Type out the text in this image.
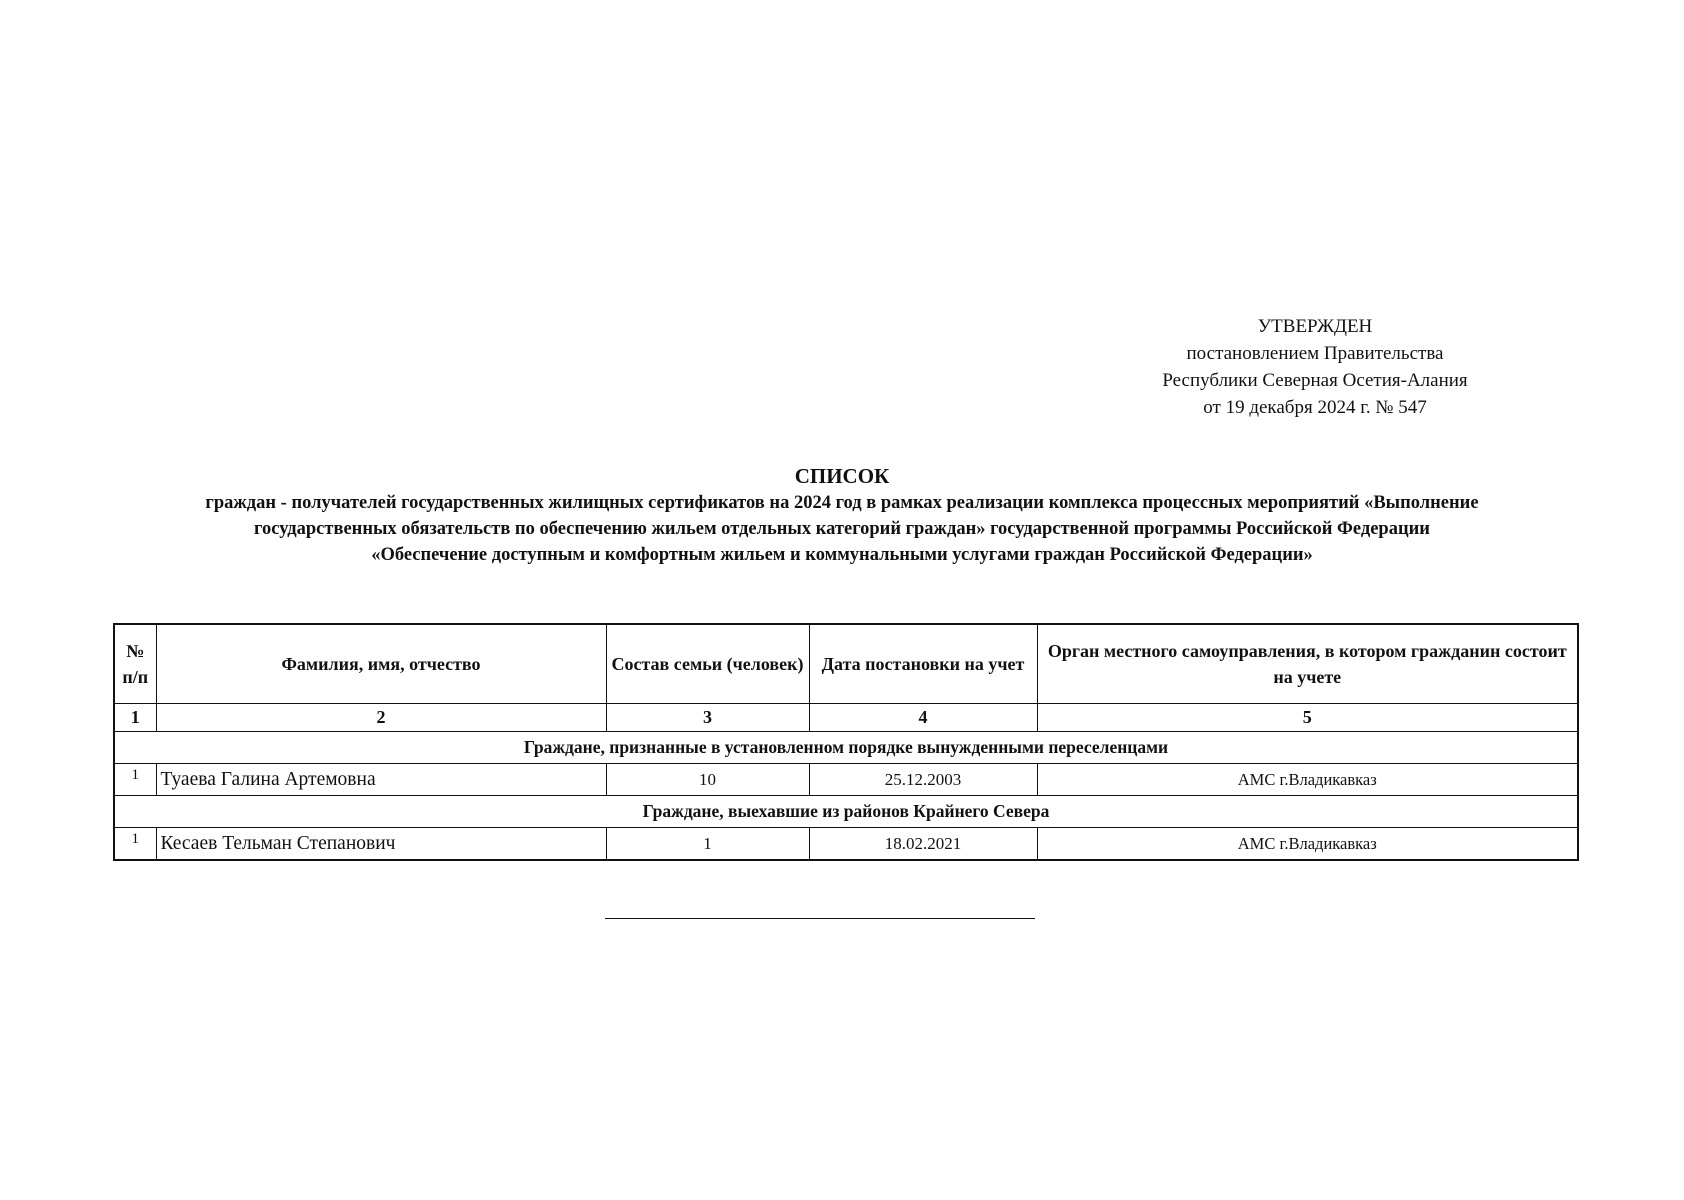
УТВЕРЖДЕН
постановлением Правительства
Республики Северная Осетия-Алания
от 19 декабря 2024 г. № 547
СПИСОК
граждан - получателей государственных жилищных сертификатов на 2024 год в рамках реализации комплекса процессных мероприятий «Выполнение
государственных обязательств по обеспечению жильем отдельных категорий граждан» государственной программы Российской Федерации
«Обеспечение доступным и комфортным жильем и коммунальными услугами граждан Российской Федерации»
№
п/п	Фамилия, имя, отчество	Состав семьи (человек)	Дата постановки на учет	Орган местного самоуправления, в котором гражданин состоит на учете
1	2	3	4	5
Граждане, признанные в установленном порядке вынужденными переселенцами				
1	Туаева Галина Артемовна	10	25.12.2003	АМС г.Владикавказ
Граждане, выехавшие из районов Крайнего Севера				
1	Кесаев Тельман Степанович	1	18.02.2021	АМС г.Владикавказ
